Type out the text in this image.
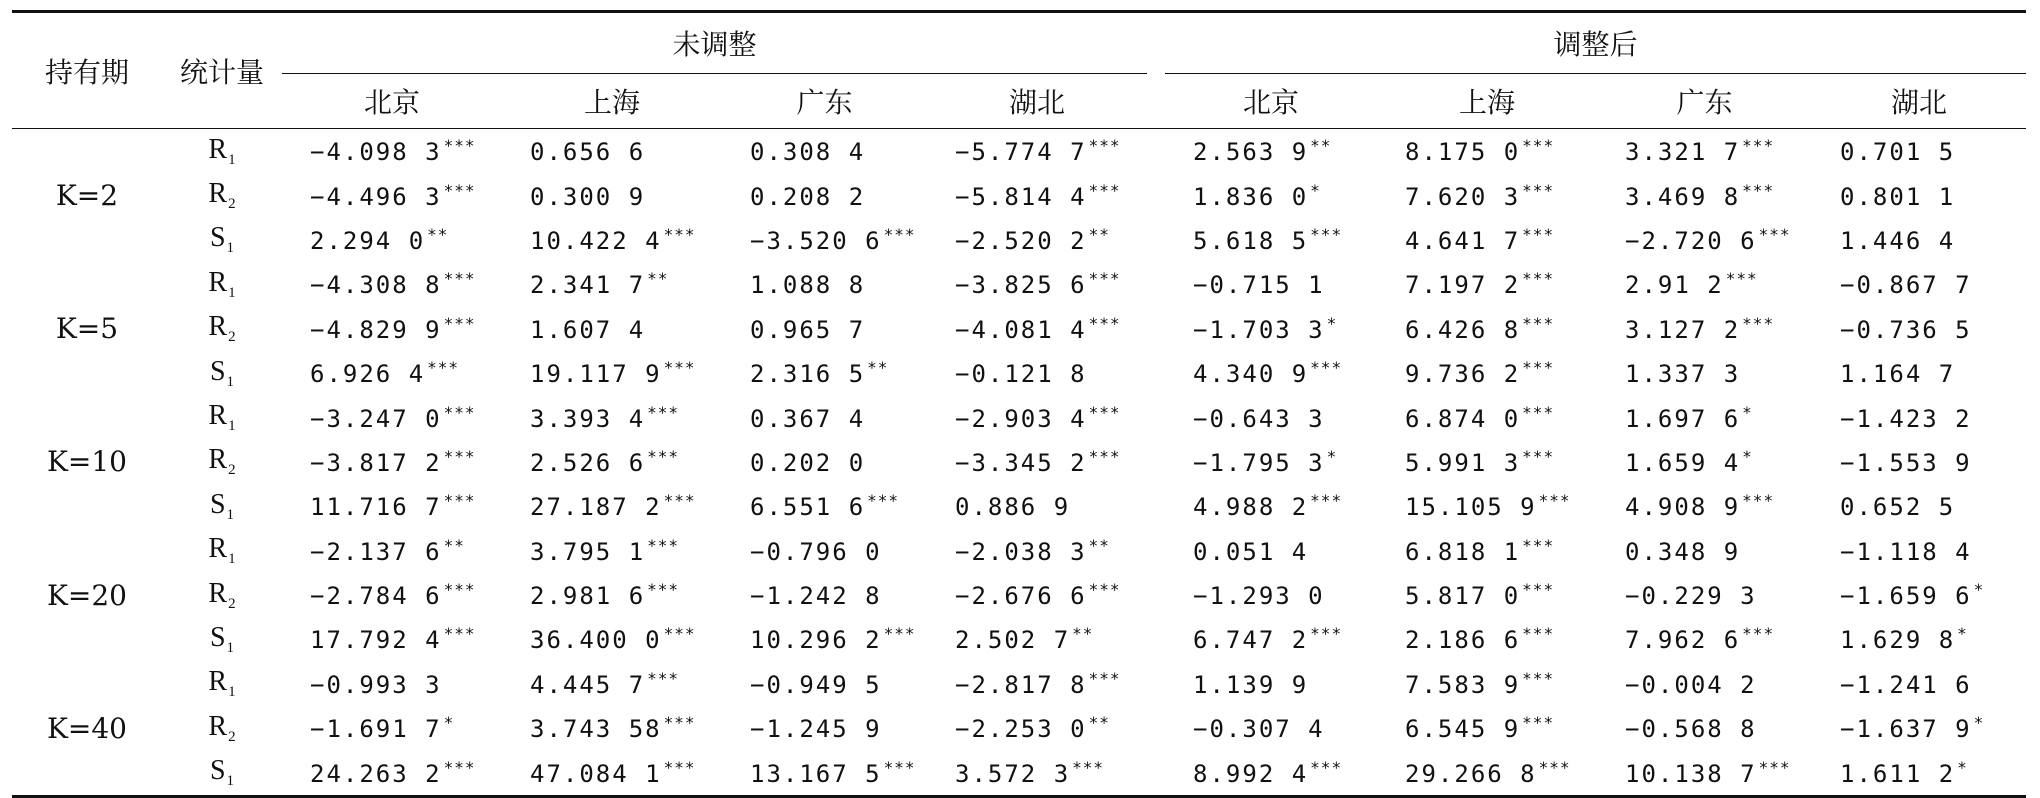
持有期	统计量	未调整					调整后			
		北京	上海	广东	湖北		北京	上海	广东	湖北
K=2	$R_1$	−4.098 3 ***	0.656 6	0.308 4	−5.774 7 ***		2.563 9 **	8.175 0 ***	3.321 7 ***	0.701 5
	$R_2$	−4.496 3 ***	0.300 9	0.208 2	−5.814 4 ***		1.836 0 *	7.620 3 ***	3.469 8 ***	0.801 1
	$S_1$	2.294 0 **	10.422 4 ***	−3.520 6 ***	−2.520 2 **		5.618 5 ***	4.641 7 ***	−2.720 6 ***	1.446 4
K=5	$R_1$	−4.308 8 ***	2.341 7 **	1.088 8	−3.825 6 ***		−0.715 1	7.197 2 ***	2.91 2 ***	−0.867 7
	$R_2$	−4.829 9 ***	1.607 4	0.965 7	−4.081 4 ***		−1.703 3 *	6.426 8 ***	3.127 2 ***	−0.736 5
	$S_1$	6.926 4 ***	19.117 9 ***	2.316 5 **	−0.121 8		4.340 9 ***	9.736 2 ***	1.337 3	1.164 7
K=10	$R_1$	−3.247 0 ***	3.393 4 ***	0.367 4	−2.903 4 ***		−0.643 3	6.874 0 ***	1.697 6 *	−1.423 2
	$R_2$	−3.817 2 ***	2.526 6 ***	0.202 0	−3.345 2 ***		−1.795 3 *	5.991 3 ***	1.659 4 *	−1.553 9
	$S_1$	11.716 7 ***	27.187 2 ***	6.551 6 ***	0.886 9		4.988 2 ***	15.105 9 ***	4.908 9 ***	0.652 5
K=20	$R_1$	−2.137 6 **	3.795 1 ***	−0.796 0	−2.038 3 **		0.051 4	6.818 1 ***	0.348 9	−1.118 4
	$R_2$	−2.784 6 ***	2.981 6 ***	−1.242 8	−2.676 6 ***		−1.293 0	5.817 0 ***	−0.229 3	−1.659 6 *
	$S_1$	17.792 4 ***	36.400 0 ***	10.296 2 ***	2.502 7 **		6.747 2 ***	2.186 6 ***	7.962 6 ***	1.629 8 *
K=40	$R_1$	−0.993 3	4.445 7 ***	−0.949 5	−2.817 8 ***		1.139 9	7.583 9 ***	−0.004 2	−1.241 6
	$R_2$	−1.691 7 *	3.743 58 ***	−1.245 9	−2.253 0 **		−0.307 4	6.545 9 ***	−0.568 8	−1.637 9 *
	$S_1$	24.263 2 ***	47.084 1 ***	13.167 5 ***	3.572 3 ***		8.992 4 ***	29.266 8 ***	10.138 7 ***	1.611 2 *
